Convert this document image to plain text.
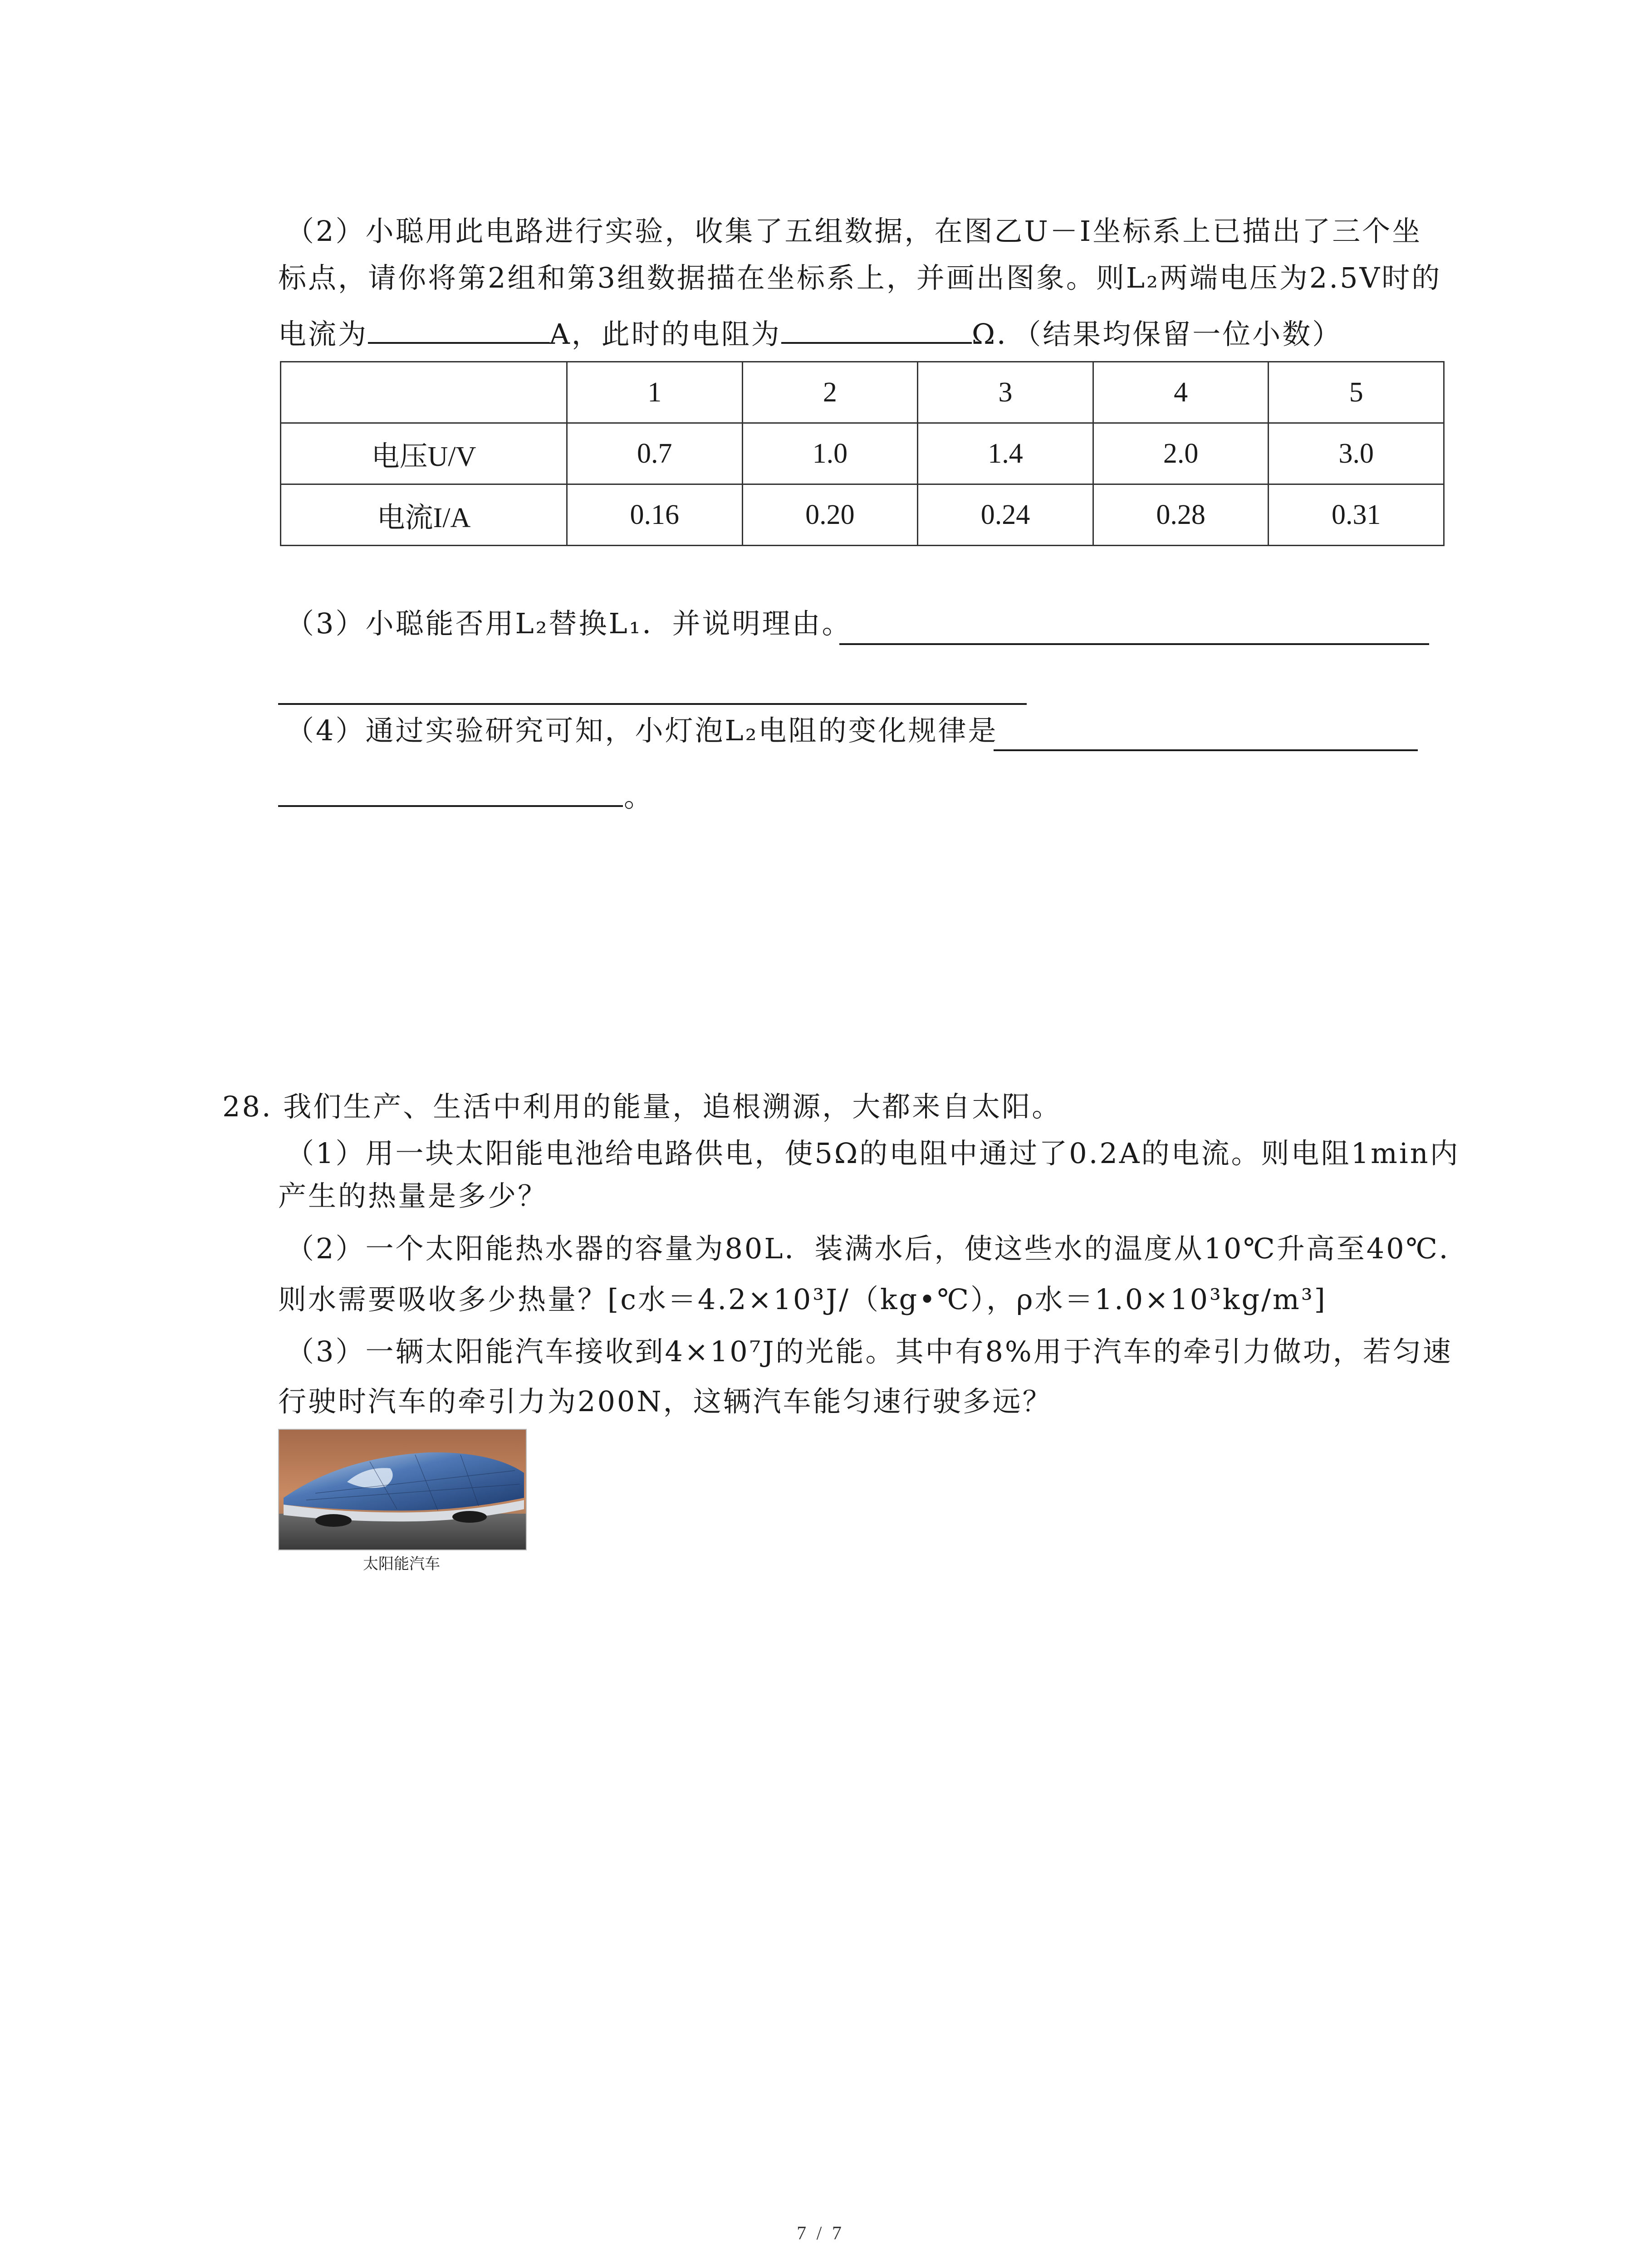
（2）小聪用此电路进行实验，收集了五组数据，在图乙U－I坐标系上已描出了三个坐
标点，请你将第2组和第3组数据描在坐标系上，并画出图象。则L₂两端电压为2.5V时的
电流为	A，此时的电阻为	Ω．（结果均保留一位小数）
	1	2	3	4	5
电压U/V	0.7	1.0	1.4	2.0	3.0
电流I/A	0.16	0.20	0.24	0.28	0.31
（3）小聪能否用L₂替换L₁．并说明理由。
（4）通过实验研究可知，小灯泡L₂电阻的变化规律是
。
28. 我们生产、生活中利用的能量，追根溯源，大都来自太阳。
（1）用一块太阳能电池给电路供电，使5Ω的电阻中通过了0.2A的电流。则电阻1min内
产生的热量是多少？
（2）一个太阳能热水器的容量为80L．装满水后，使这些水的温度从10℃升高至40℃．
则水需要吸收多少热量？[c水＝4.2×10³J/（kg•℃），ρ水＝1.0×10³kg/m³]
（3）一辆太阳能汽车接收到4×10⁷J的光能。其中有8%用于汽车的牵引力做功，若匀速
行驶时汽车的牵引力为200N，这辆汽车能匀速行驶多远？
太阳能汽车
7 / 7
